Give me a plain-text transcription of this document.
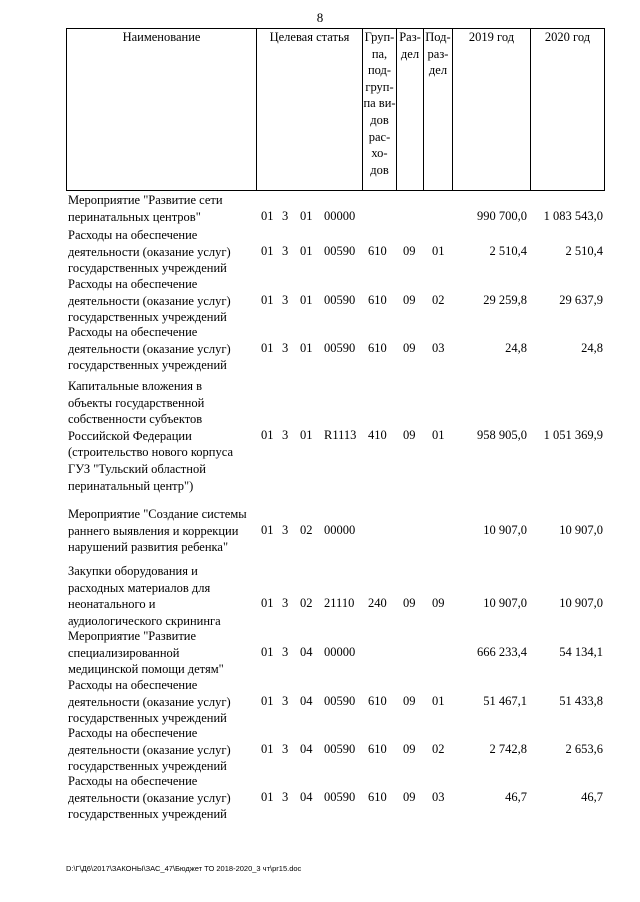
8
Наименование	Целевая статья	Груп-
па,
под-
груп-
па ви-
дов
рас-
хо-
дов

Раз-
дел

Под-
раз-
дел
	2019 год	2020 год
Мероприятие "Развитие сети
перинатальных центров"	01 3 01 00000	990 700,0 1 083 543,0
Расходы на обеспечение
деятельности (оказание услуг)
государственных учреждений
01 3 01 00590 610 09 01	2 510,4	2 510,4
Расходы на обеспечение
деятельности (оказание услуг)
государственных учреждений
01 3 01 00590 610 09 02	29 259,8	29 637,9
Расходы на обеспечение
деятельности (оказание услуг)
государственных учреждений
01 3 01 00590 610 09 03	24,8	24,8
Капитальные вложения в
объекты государственной
собственности субъектов
Российской Федерации
(строительство нового корпуса
ГУЗ "Тульский областной
перинатальный центр")
01 3 01 R1113 410 09 01	958 905,0 1 051 369,9
Мероприятие "Создание системы
раннего выявления и коррекции
нарушений развития ребенка"
01 3 02 00000	10 907,0	10 907,0
Закупки оборудования и
расходных материалов для
неонатального и
аудиологического скрининга
01 3 02 21110 240 09 09	10 907,0	10 907,0
Мероприятие "Развитие
специализированной
медицинской помощи детям"
01 3 04 00000	666 233,4	54 134,1
Расходы на обеспечение
деятельности (оказание услуг)
государственных учреждений
01 3 04 00590 610 09 01	51 467,1	51 433,8
Расходы на обеспечение
деятельности (оказание услуг)
государственных учреждений
01 3 04 00590 610 09 02	2 742,8	2 653,6
Расходы на обеспечение
деятельности (оказание услуг)
государственных учреждений
01 3 04 00590 610 09 03	46,7	46,7
D:\Г\Д6\2017\ЗАКОНЫ\ЗАС_47\Бюджет ТО 2018-2020_3 чт\pr15.doc
